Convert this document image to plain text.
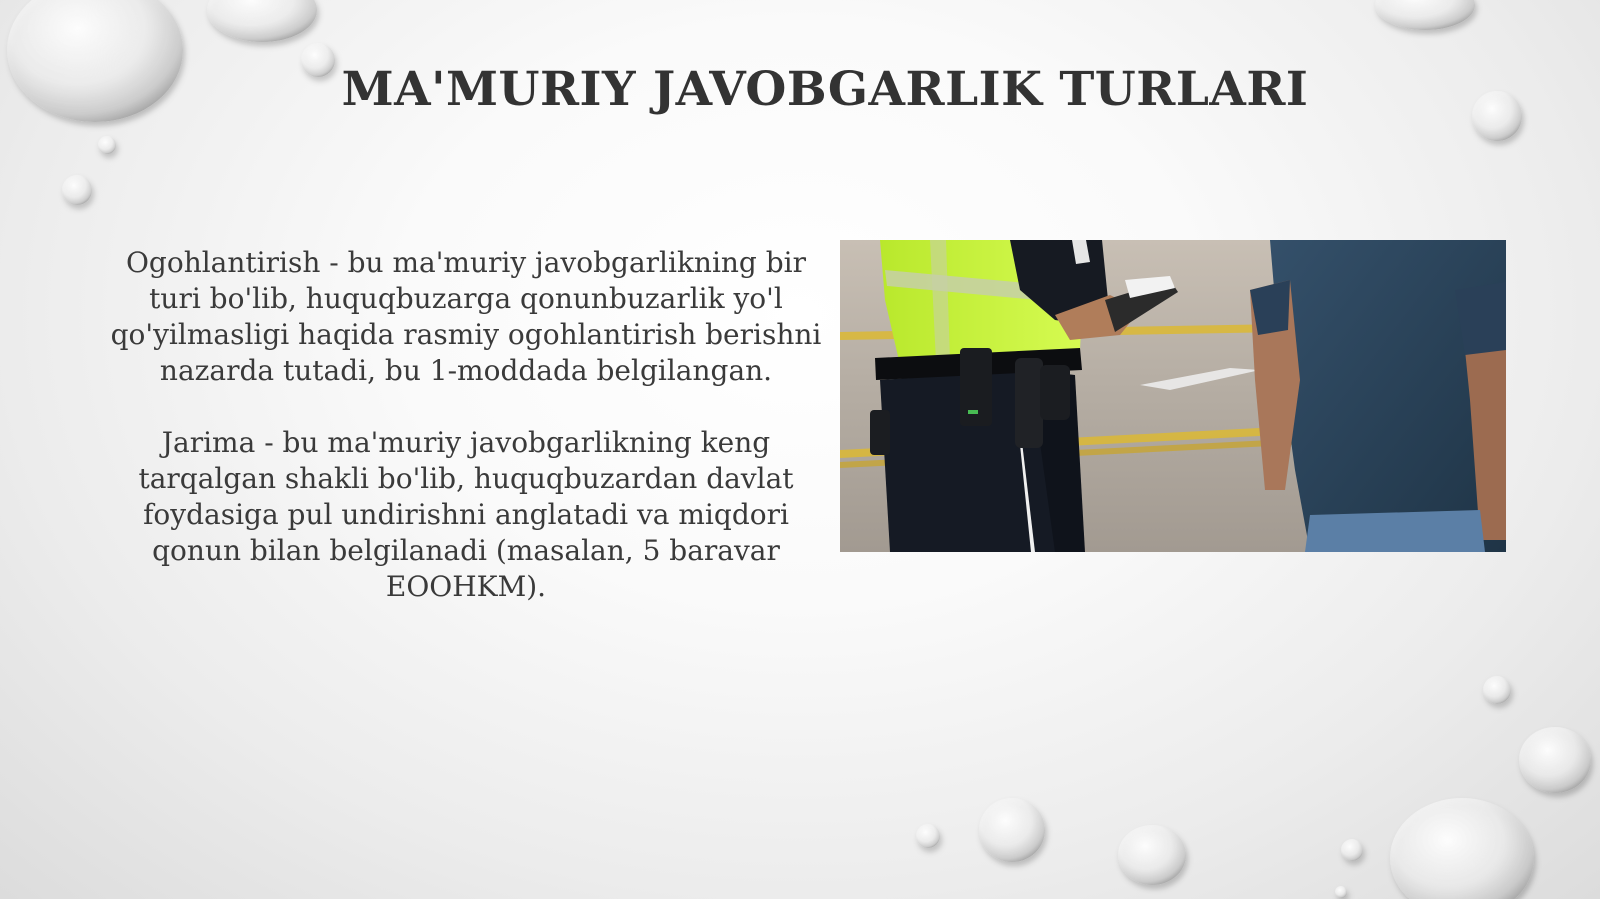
MA'MURIY JAVOBGARLIK TURLARI

Ogohlantirish - bu ma'muriy javobgarlikning bir turi bo'lib, huquqbuzarga qonunbuzarlik yo'l qo'yilmasligi haqida rasmiy ogohlantirish berishni nazarda tutadi, bu 1-moddada belgilangan.

Jarima - bu ma'muriy javobgarlikning keng tarqalgan shakli bo'lib, huquqbuzardan davlat foydasiga pul undirishni anglatadi va miqdori qonun bilan belgilanadi (masalan, 5 baravar EOOHKM).
